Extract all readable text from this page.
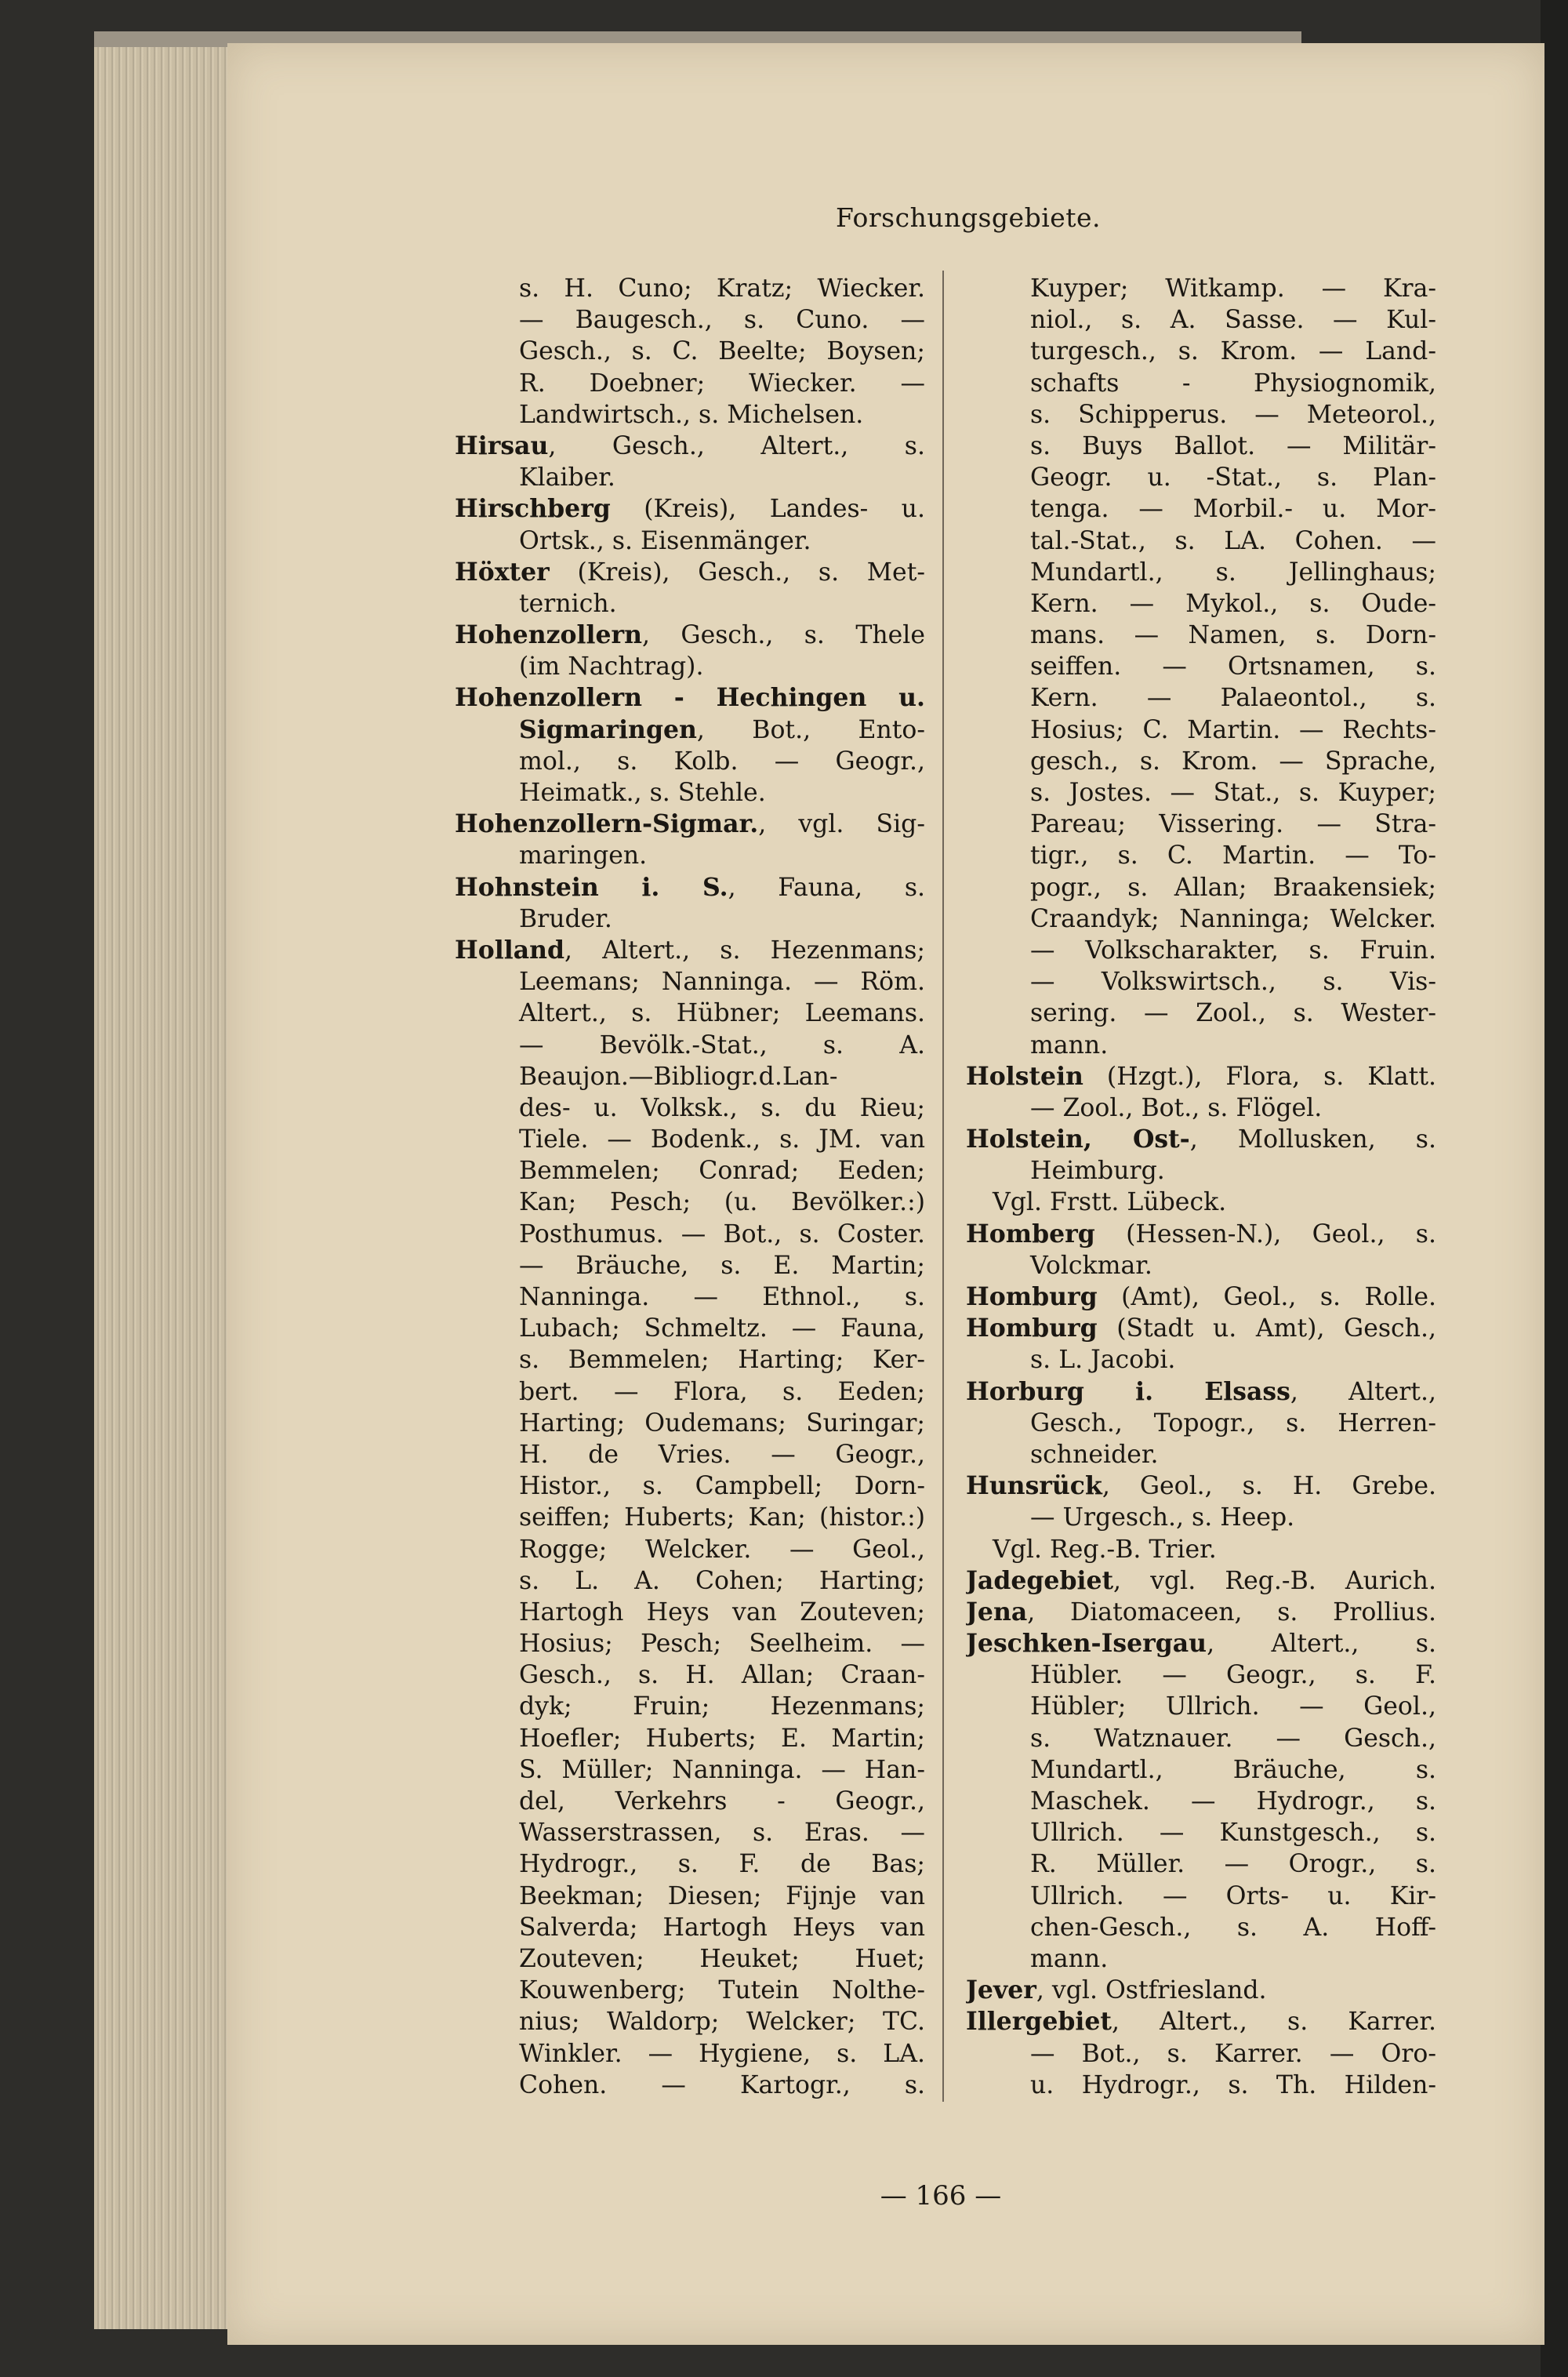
Forschungsgebiete.
s. H. Cuno; Kratz; Wiecker.
— Baugesch., s. Cuno. —
Gesch., s. C. Beelte; Boysen;
R. Doebner; Wiecker. —
Landwirtsch., s. Michelsen.
Hirsau, Gesch., Altert., s.
Klaiber.
Hirschberg (Kreis), Landes- u.
Ortsk., s. Eisenmänger.
Höxter (Kreis), Gesch., s. Met-
ternich.
Hohenzollern, Gesch., s. Thele
(im Nachtrag).
Hohenzollern - Hechingen u.
Sigmaringen, Bot., Ento-
mol., s. Kolb. — Geogr.,
Heimatk., s. Stehle.
Hohenzollern-Sigmar., vgl. Sig-
maringen.
Hohnstein i. S., Fauna, s.
Bruder.
Holland, Altert., s. Hezenmans;
Leemans; Nanninga. — Röm.
Altert., s. Hübner; Leemans.
— Bevölk.-Stat., s. A.
Beaujon.—Bibliogr.d.Lan-
des- u. Volksk., s. du Rieu;
Tiele. — Bodenk., s. JM. van
Bemmelen; Conrad; Eeden;
Kan; Pesch; (u. Bevölker.:)
Posthumus. — Bot., s. Coster.
— Bräuche, s. E. Martin;
Nanninga. — Ethnol., s.
Lubach; Schmeltz. — Fauna,
s. Bemmelen; Harting; Ker-
bert. — Flora, s. Eeden;
Harting; Oudemans; Suringar;
H. de Vries. — Geogr.,
Histor., s. Campbell; Dorn-
seiffen; Huberts; Kan; (histor.:)
Rogge; Welcker. — Geol.,
s. L. A. Cohen; Harting;
Hartogh Heys van Zouteven;
Hosius; Pesch; Seelheim. —
Gesch., s. H. Allan; Craan-
dyk; Fruin; Hezenmans;
Hoefler; Huberts; E. Martin;
S. Müller; Nanninga. — Han-
del, Verkehrs - Geogr.,
Wasserstrassen, s. Eras. —
Hydrogr., s. F. de Bas;
Beekman; Diesen; Fijnje van
Salverda; Hartogh Heys van
Zouteven; Heuket; Huet;
Kouwenberg; Tutein Nolthe-
nius; Waldorp; Welcker; TC.
Winkler. — Hygiene, s. LA.
Cohen. — Kartogr., s.
Kuyper; Witkamp. — Kra-
niol., s. A. Sasse. — Kul-
turgesch., s. Krom. — Land-
schafts - Physiognomik,
s. Schipperus. — Meteorol.,
s. Buys Ballot. — Militär-
Geogr. u. -Stat., s. Plan-
tenga. — Morbil.- u. Mor-
tal.-Stat., s. LA. Cohen. —
Mundartl., s. Jellinghaus;
Kern. — Mykol., s. Oude-
mans. — Namen, s. Dorn-
seiffen. — Ortsnamen, s.
Kern. — Palaeontol., s.
Hosius; C. Martin. — Rechts-
gesch., s. Krom. — Sprache,
s. Jostes. — Stat., s. Kuyper;
Pareau; Vissering. — Stra-
tigr., s. C. Martin. — To-
pogr., s. Allan; Braakensiek;
Craandyk; Nanninga; Welcker.
— Volkscharakter, s. Fruin.
— Volkswirtsch., s. Vis-
sering. — Zool., s. Wester-
mann.
Holstein (Hzgt.), Flora, s. Klatt.
— Zool., Bot., s. Flögel.
Holstein, Ost-, Mollusken, s.
Heimburg.
Vgl. Frstt. Lübeck.
Homberg (Hessen-N.), Geol., s.
Volckmar.
Homburg (Amt), Geol., s. Rolle.
Homburg (Stadt u. Amt), Gesch.,
s. L. Jacobi.
Horburg i. Elsass, Altert.,
Gesch., Topogr., s. Herren-
schneider.
Hunsrück, Geol., s. H. Grebe.
— Urgesch., s. Heep.
Vgl. Reg.-B. Trier.
Jadegebiet, vgl. Reg.-B. Aurich.
Jena, Diatomaceen, s. Prollius.
Jeschken-Isergau, Altert., s.
Hübler. — Geogr., s. F.
Hübler; Ullrich. — Geol.,
s. Watznauer. — Gesch.,
Mundartl., Bräuche, s.
Maschek. — Hydrogr., s.
Ullrich. — Kunstgesch., s.
R. Müller. — Orogr., s.
Ullrich. — Orts- u. Kir-
chen-Gesch., s. A. Hoff-
mann.
Jever, vgl. Ostfriesland.
Illergebiet, Altert., s. Karrer.
— Bot., s. Karrer. — Oro-
u. Hydrogr., s. Th. Hilden-
— 166 —
